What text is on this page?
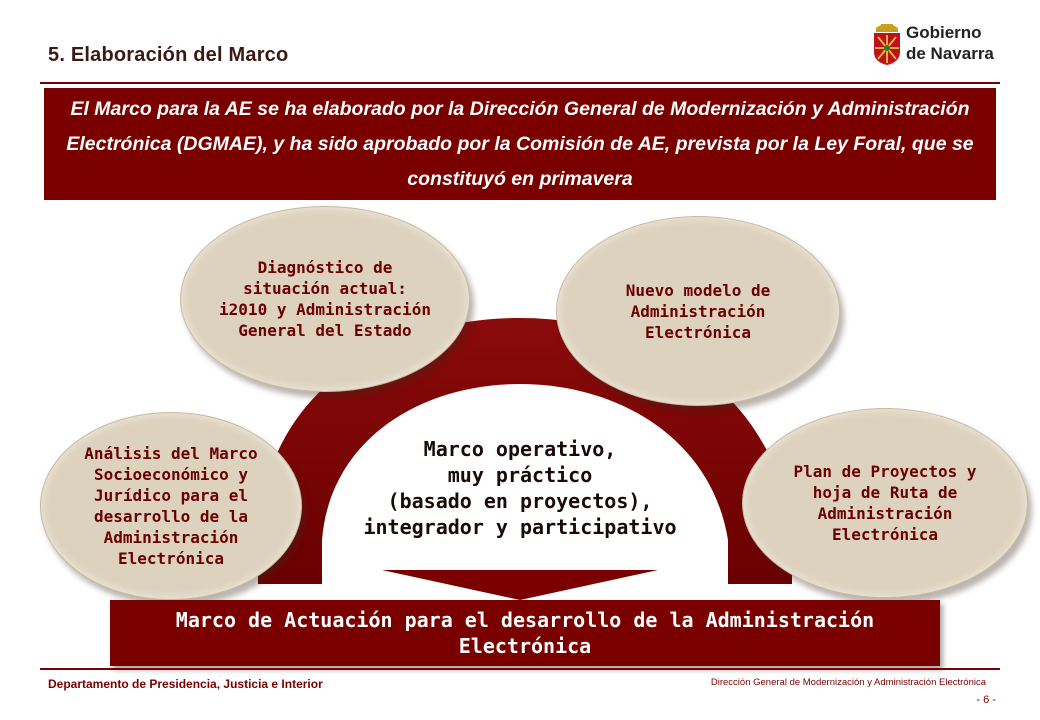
5. Elaboración del Marco
Gobierno
de Navarra
El Marco para la AE se ha elaborado por la Dirección General de Modernización y Administración Electrónica (DGMAE), y ha sido aprobado por la Comisión de AE, prevista por la Ley Foral, que se constituyó en primavera
Análisis del Marco Socioeconómico y Jurídico para el desarrollo de la Administración Electrónica
Diagnóstico de situación actual: i2010 y Administración General del Estado
Nuevo modelo de Administración Electrónica
Plan de Proyectos y hoja de Ruta de Administración Electrónica
Marco operativo,
muy práctico
(basado en proyectos),
integrador y participativo
Marco de Actuación para el desarrollo de la Administración Electrónica
Departamento de Presidencia, Justicia e Interior	Dirección General de Modernización y Administración Electrónica
- 6 -
